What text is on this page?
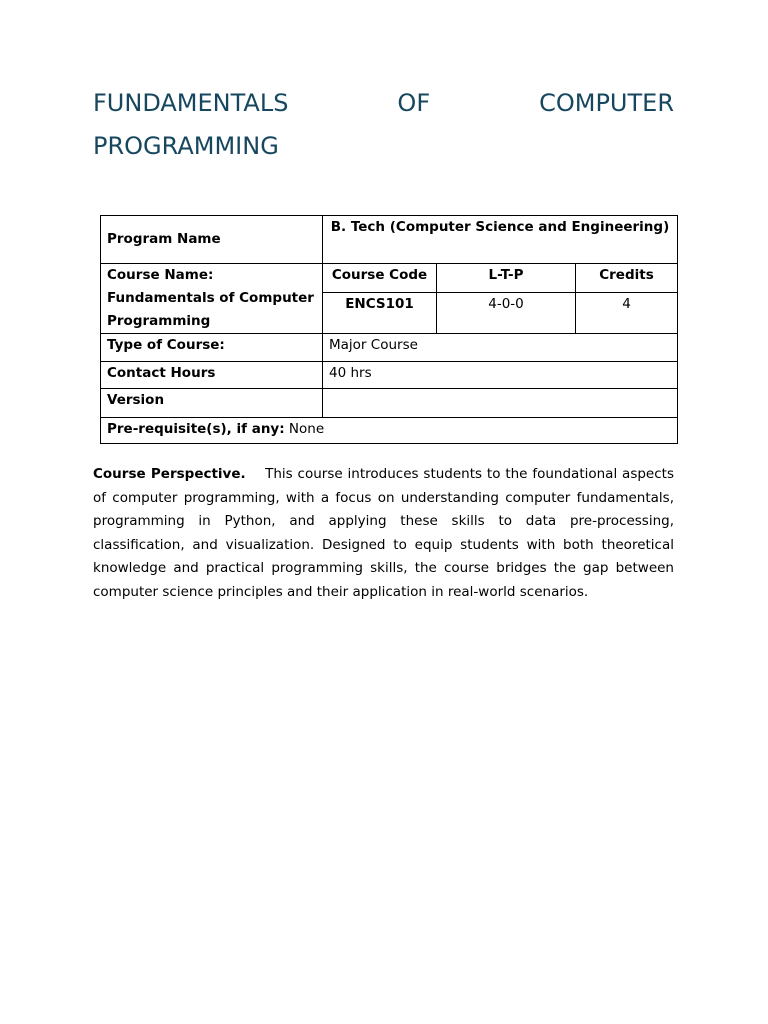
FUNDAMENTALS	OF	COMPUTER
PROGRAMMING
Program Name	B. Tech (Computer Science and Engineering)		

Course Name:
Fundamentals of Computer Programming	Course Code	L-T-P	Credits
	ENCS101	4-0-0	4
Type of Course:	Major Course		
Contact Hours	40 hrs		
Version			
Pre-requisite(s), if any: None			

Course Perspective. This course introduces students to the foundational aspects of computer programming, with a focus on understanding computer fundamentals, programming in Python, and applying these skills to data pre-processing, classification, and visualization. Designed to equip students with both theoretical knowledge and practical programming skills, the course bridges the gap between computer science principles and their application in real-world scenarios.
